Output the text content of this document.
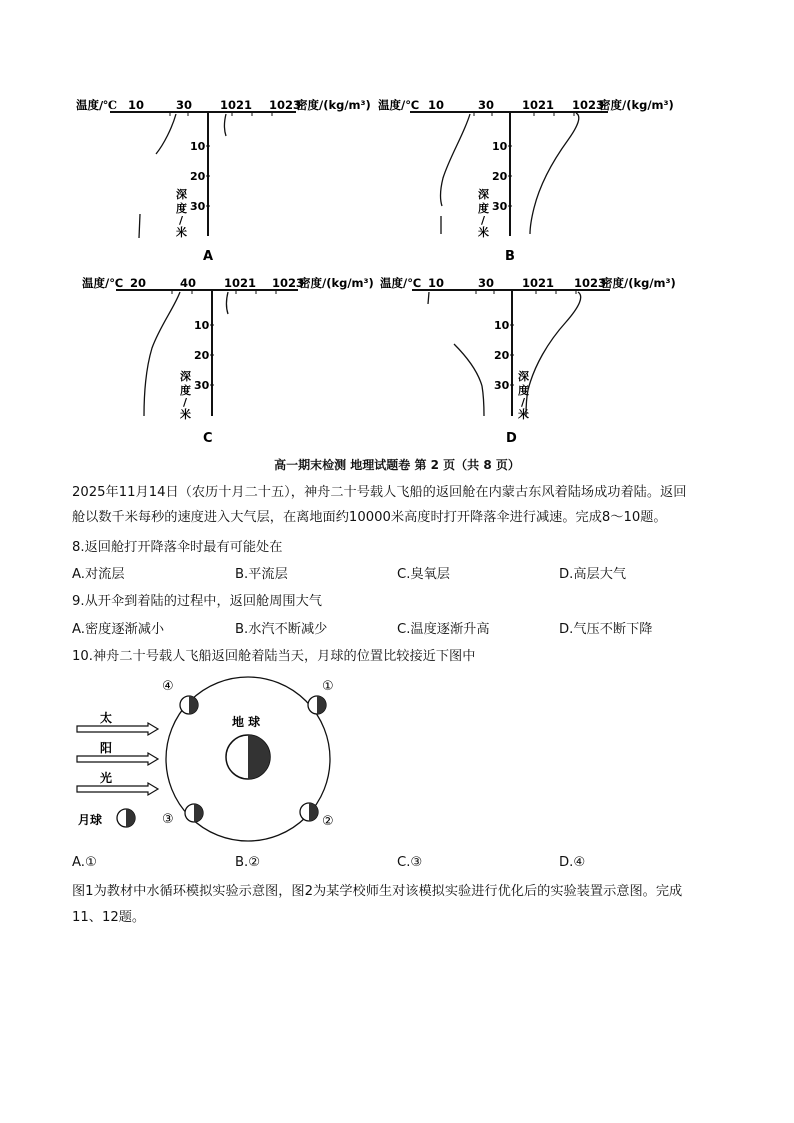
温度/℃ 10	30 1021 1023
密度/(kg/m³)
10
20
30
深
度
/
米
A
温度/℃ 10	30 1021 1023
密度/(kg/m³)
10
20
30
深
度
/
米
B
温度/℃ 20	40 1021 1023
密度/(kg/m³)
10
20
30
深
度
/
米
C
温度/℃ 10	30 1021 1023
密度/(kg/m³)
10
20
30
深
度
/
米
D
高一期末检测 地理试题卷 第 2 页（共 8 页）
2025年11月14日（农历十月二十五），神舟二十号载人飞船的返回舱在内蒙古东风着陆场成功着陆。返回
舱以数千米每秒的速度进入大气层，在离地面约10000米高度时打开降落伞进行减速。完成8～10题。
8.返回舱打开降落伞时最有可能处在
A.对流层	B.平流层	C.臭氧层	D.高层大气
9.从开伞到着陆的过程中，返回舱周围大气
A.密度逐渐减小	B.水汽不断减少	C.温度逐渐升高	D.气压不断下降
10.神舟二十号载人飞船返回舱着陆当天，月球的位置比较接近下图中
太
阳
光
地 球
①
④
③	②
月球
A.①	B.②	C.③	D.④
图1为教材中水循环模拟实验示意图，图2为某学校师生对该模拟实验进行优化后的实验装置示意图。完成
11、12题。
